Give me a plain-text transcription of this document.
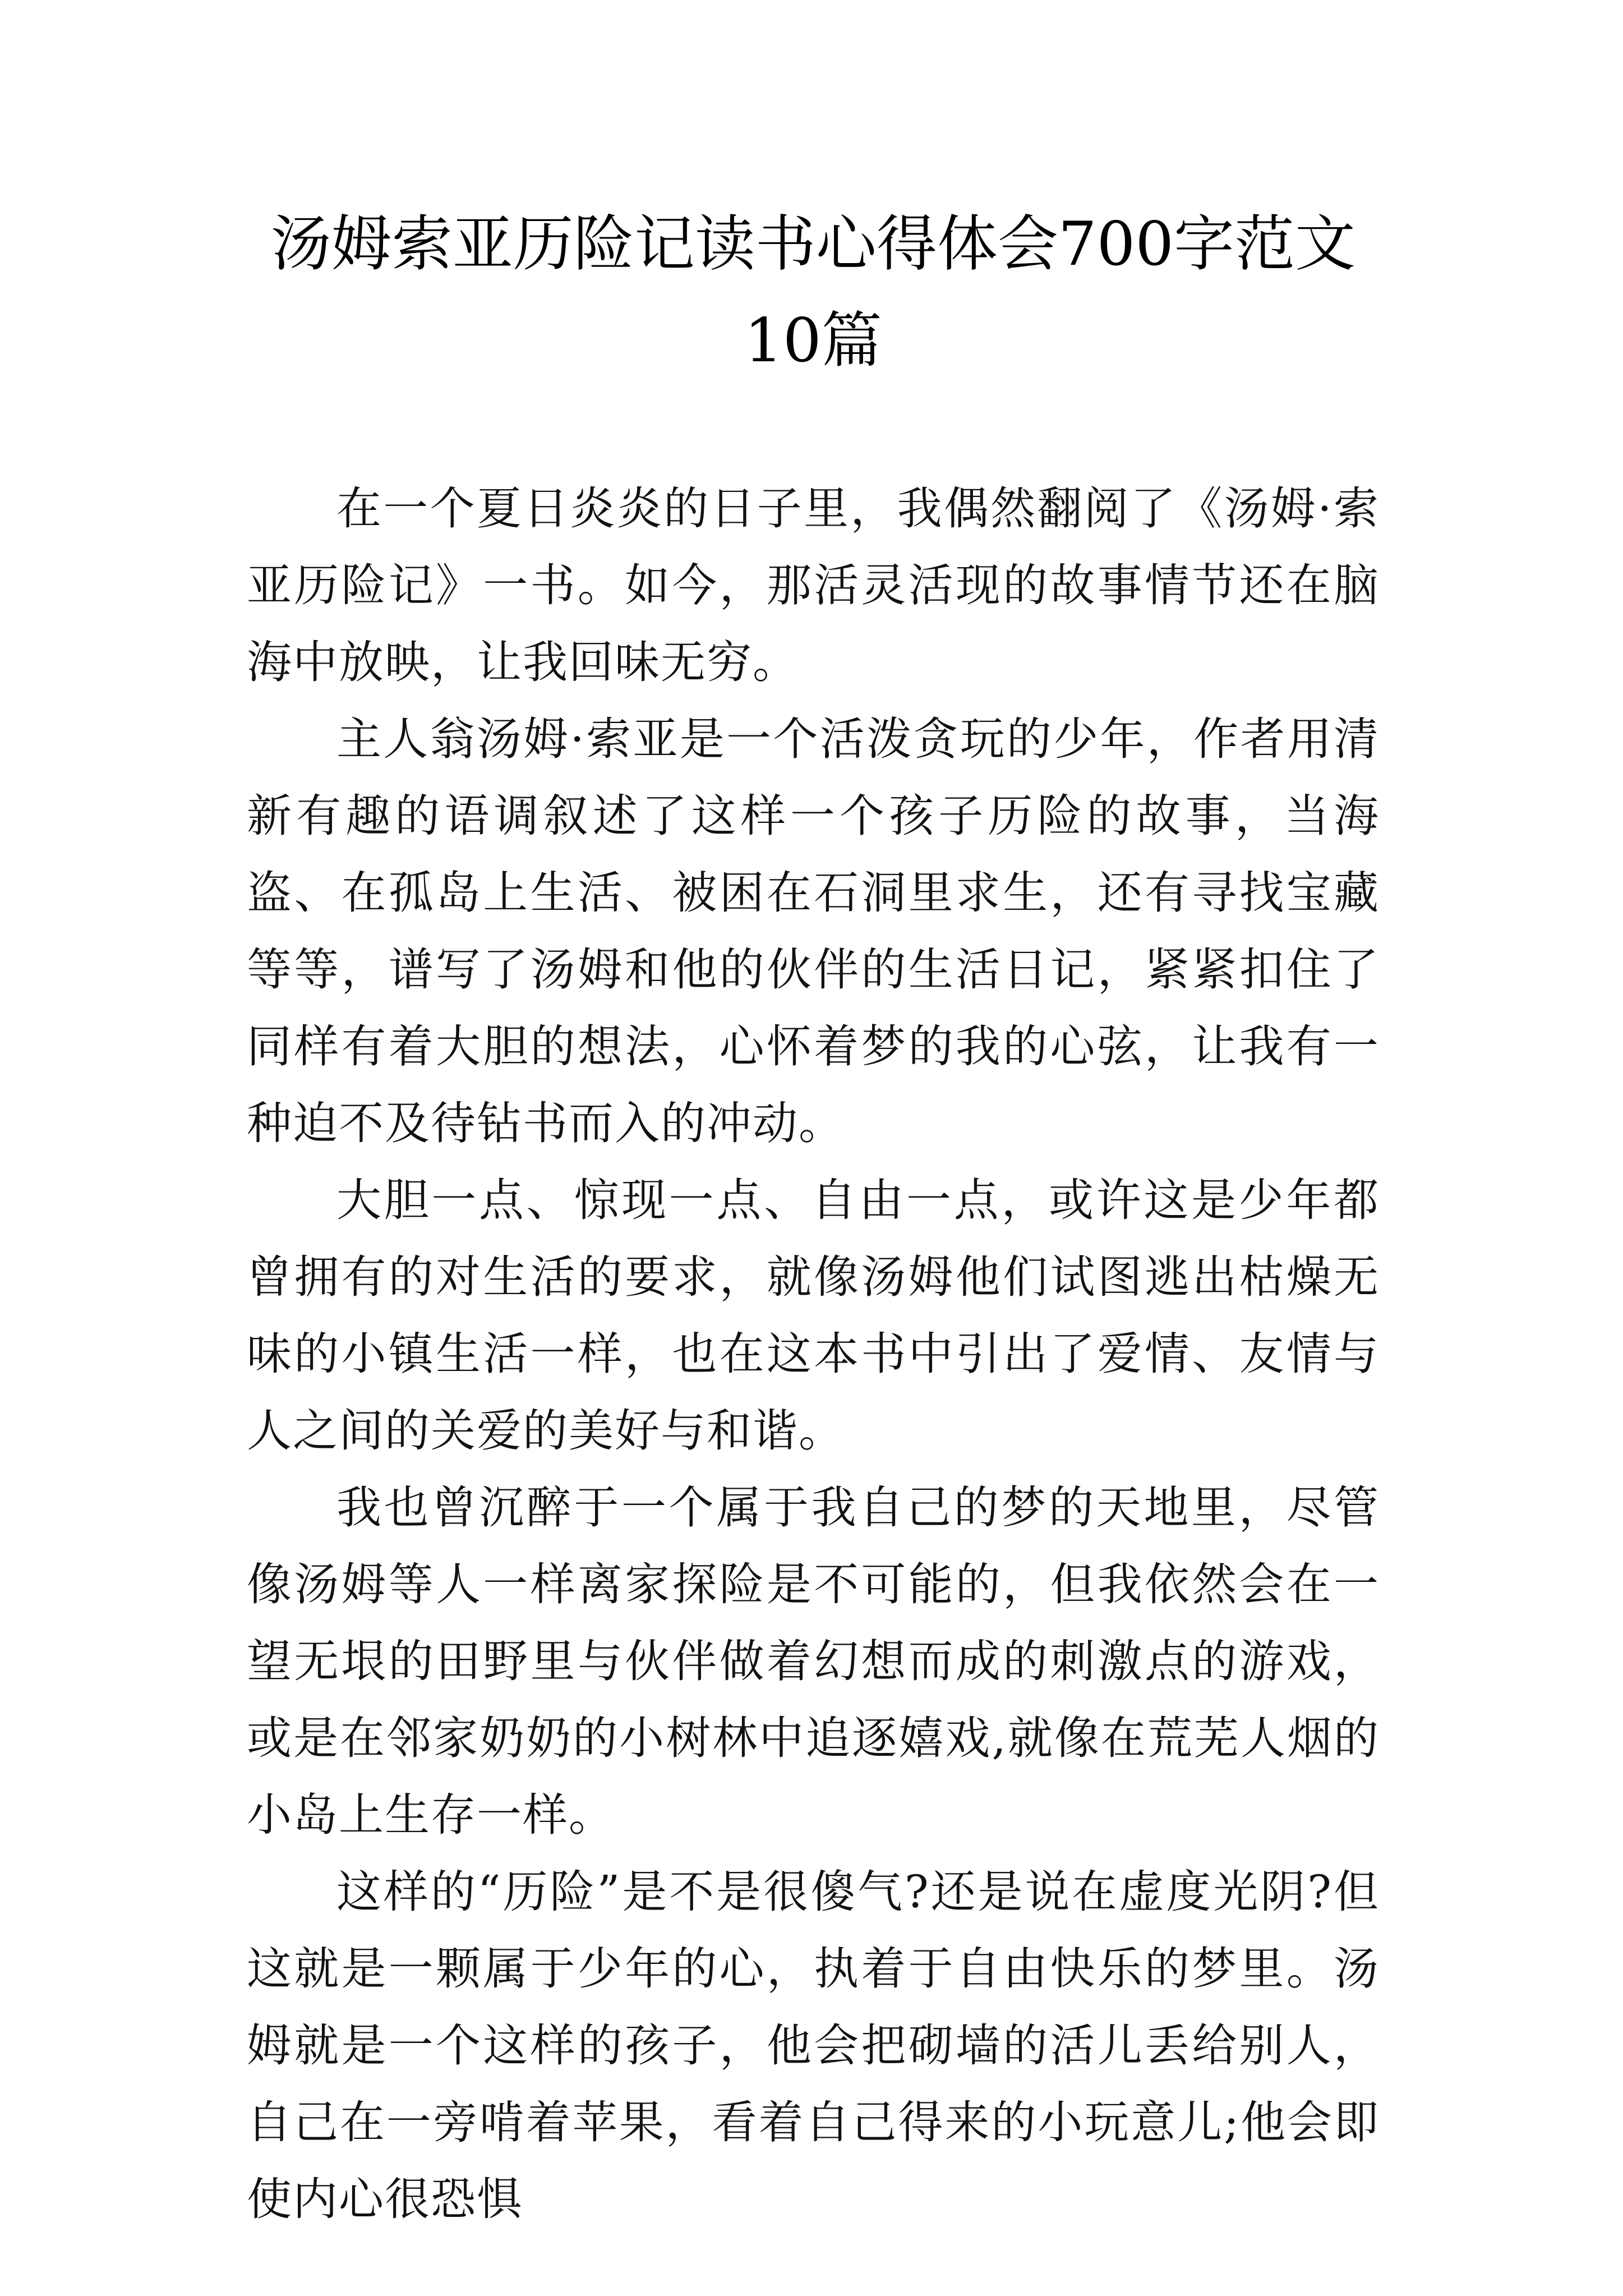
汤姆索亚历险记读书心得体会700字范文10篇

在一个夏日炎炎的日子里，我偶然翻阅了《汤姆·索亚历险记》一书。如今，那活灵活现的故事情节还在脑海中放映，让我回味无穷。

主人翁汤姆·索亚是一个活泼贪玩的少年，作者用清新有趣的语调叙述了这样一个孩子历险的故事，当海盗、在孤岛上生活、被困在石洞里求生，还有寻找宝藏等等，谱写了汤姆和他的伙伴的生活日记，紧紧扣住了同样有着大胆的想法，心怀着梦的我的心弦，让我有一种迫不及待钻书而入的冲动。

大胆一点、惊现一点、自由一点，或许这是少年都曾拥有的对生活的要求，就像汤姆他们试图逃出枯燥无味的小镇生活一样，也在这本书中引出了爱情、友情与人之间的关爱的美好与和谐。

我也曾沉醉于一个属于我自己的梦的天地里，尽管像汤姆等人一样离家探险是不可能的，但我依然会在一望无垠的田野里与伙伴做着幻想而成的刺激点的游戏，或是在邻家奶奶的小树林中追逐嬉戏,就像在荒芜人烟的小岛上生存一样。

这样的“历险”是不是很傻气?还是说在虚度光阴?但这就是一颗属于少年的心，执着于自由快乐的梦里。汤姆就是一个这样的孩子，他会把砌墙的活儿丢给别人，自己在一旁啃着苹果，看着自己得来的小玩意儿;他会即使内心很恐惧
